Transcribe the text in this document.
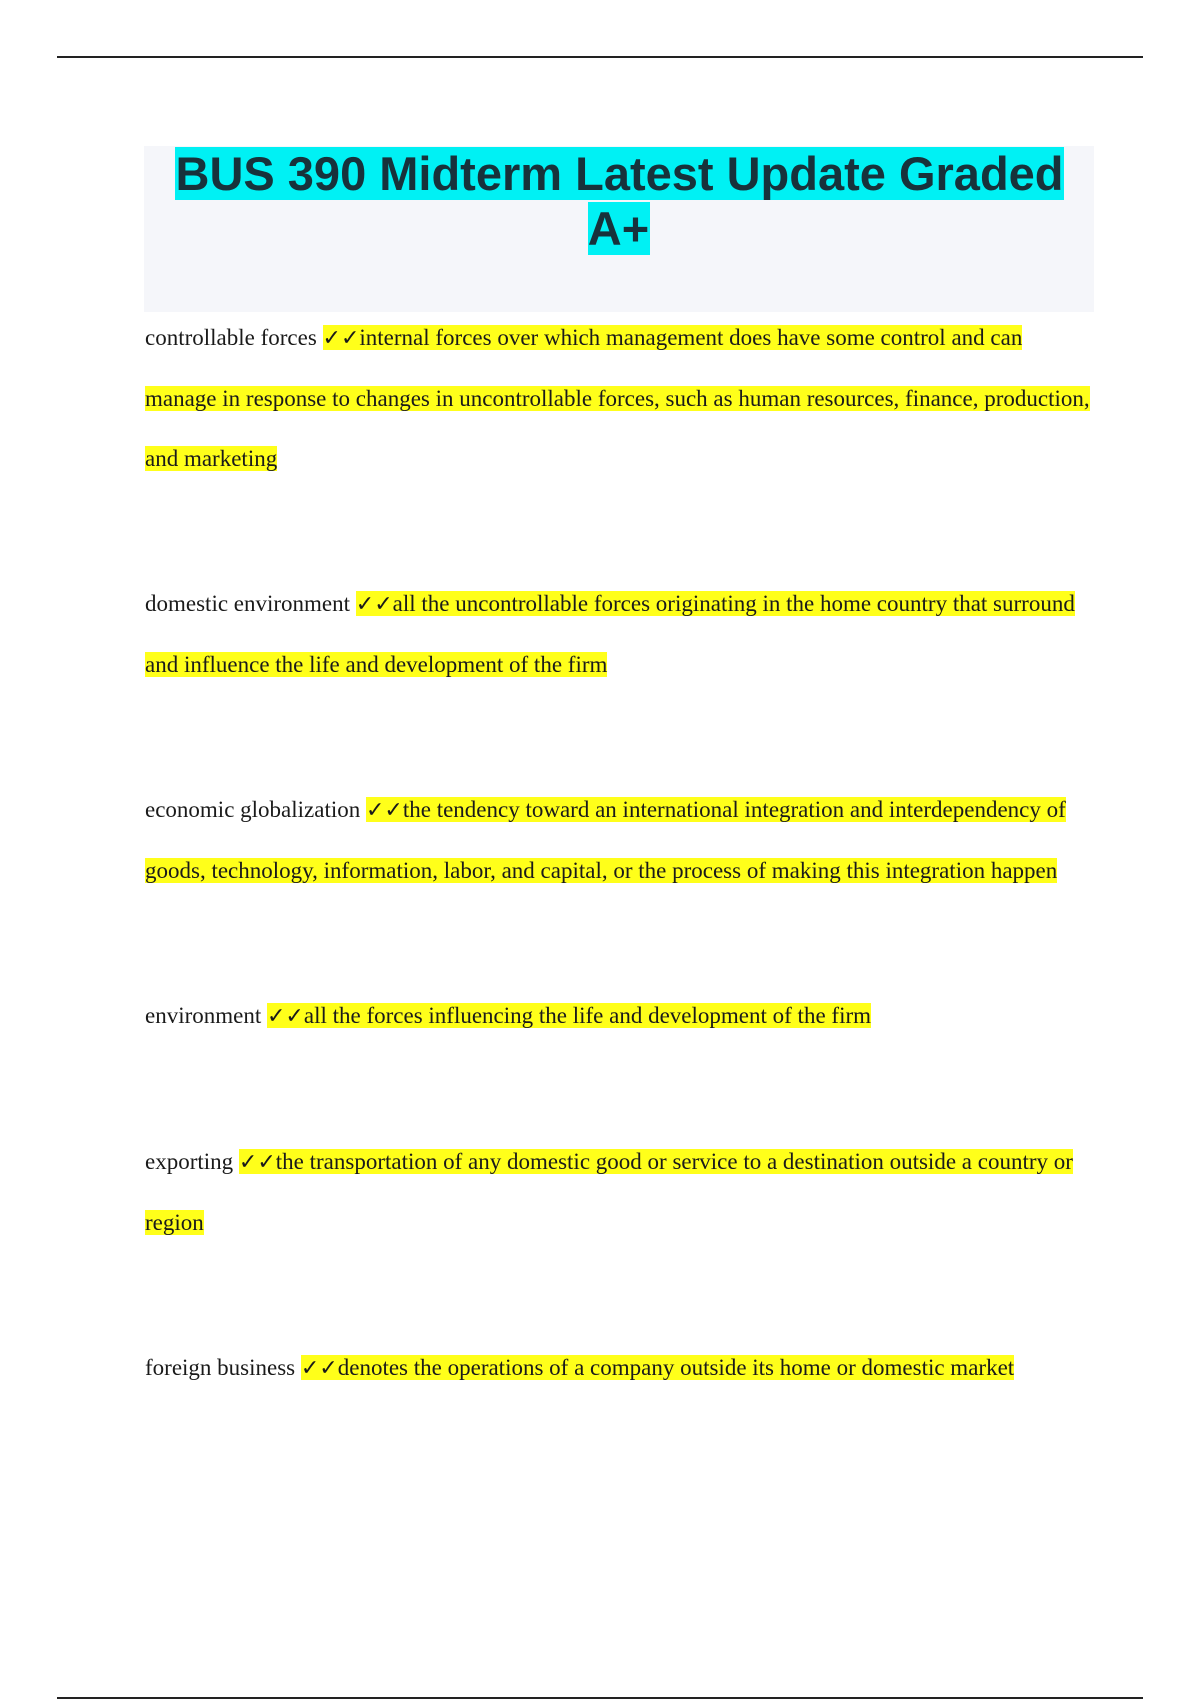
BUS 390 Midterm Latest Update Graded A+

controllable forces ✓✓internal forces over which management does have some control and can manage in response to changes in uncontrollable forces, such as human resources, finance, production, and marketing

domestic environment ✓✓all the uncontrollable forces originating in the home country that surround and influence the life and development of the firm

economic globalization ✓✓the tendency toward an international integration and interdependency of goods, technology, information, labor, and capital, or the process of making this integration happen

environment ✓✓all the forces influencing the life and development of the firm

exporting ✓✓the transportation of any domestic good or service to a destination outside a country or region

foreign business ✓✓denotes the operations of a company outside its home or domestic market
